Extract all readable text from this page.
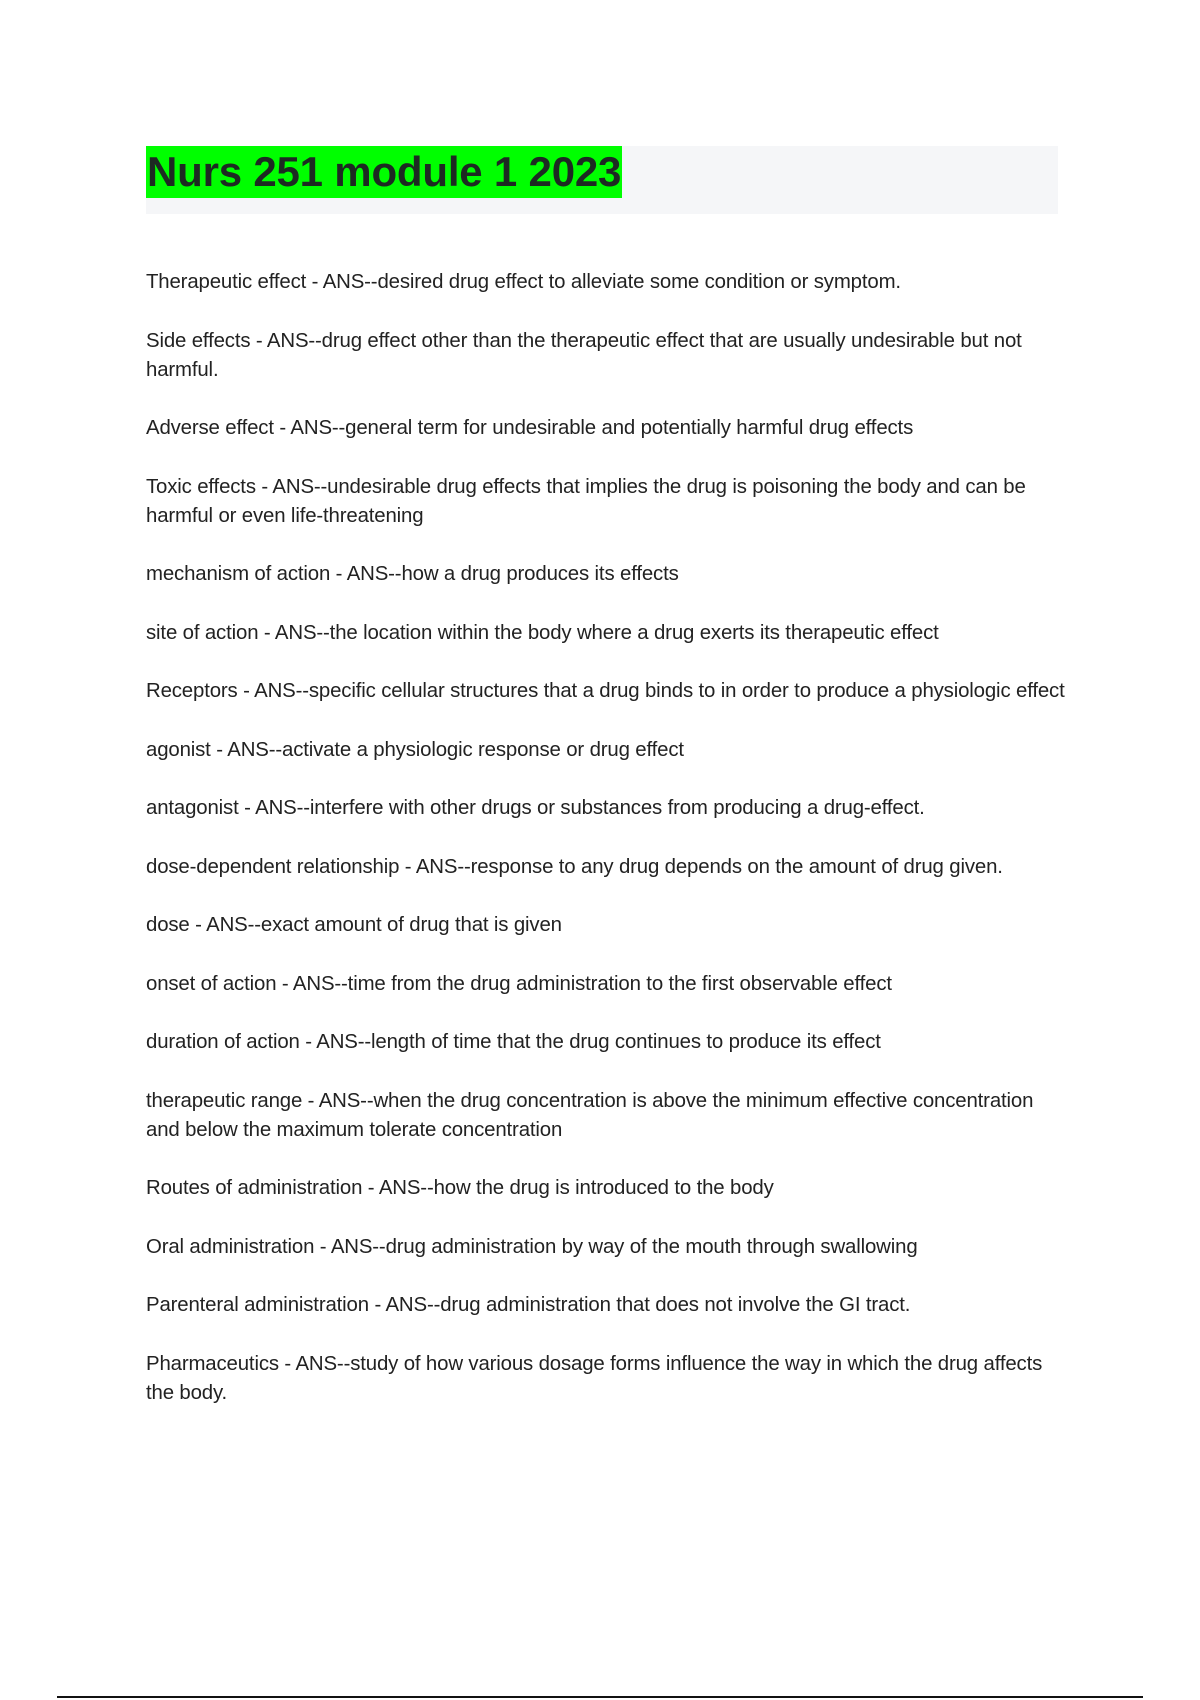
Nurs 251 module 1 2023
Therapeutic effect - ANS--desired drug effect to alleviate some condition or symptom.
Side effects - ANS--drug effect other than the therapeutic effect that are usually undesirable but not harmful.
Adverse effect - ANS--general term for undesirable and potentially harmful drug effects
Toxic effects - ANS--undesirable drug effects that implies the drug is poisoning the body and can be harmful or even life-threatening
mechanism of action - ANS--how a drug produces its effects
site of action - ANS--the location within the body where a drug exerts its therapeutic effect
Receptors - ANS--specific cellular structures that a drug binds to in order to produce a physiologic effect
agonist - ANS--activate a physiologic response or drug effect
antagonist - ANS--interfere with other drugs or substances from producing a drug-effect.
dose-dependent relationship - ANS--response to any drug depends on the amount of drug given.
dose - ANS--exact amount of drug that is given
onset of action - ANS--time from the drug administration to the first observable effect
duration of action - ANS--length of time that the drug continues to produce its effect
therapeutic range - ANS--when the drug concentration is above the minimum effective concentration and below the maximum tolerate concentration
Routes of administration - ANS--how the drug is introduced to the body
Oral administration - ANS--drug administration by way of the mouth through swallowing
Parenteral administration - ANS--drug administration that does not involve the GI tract.
Pharmaceutics - ANS--study of how various dosage forms influence the way in which the drug affects the body.
